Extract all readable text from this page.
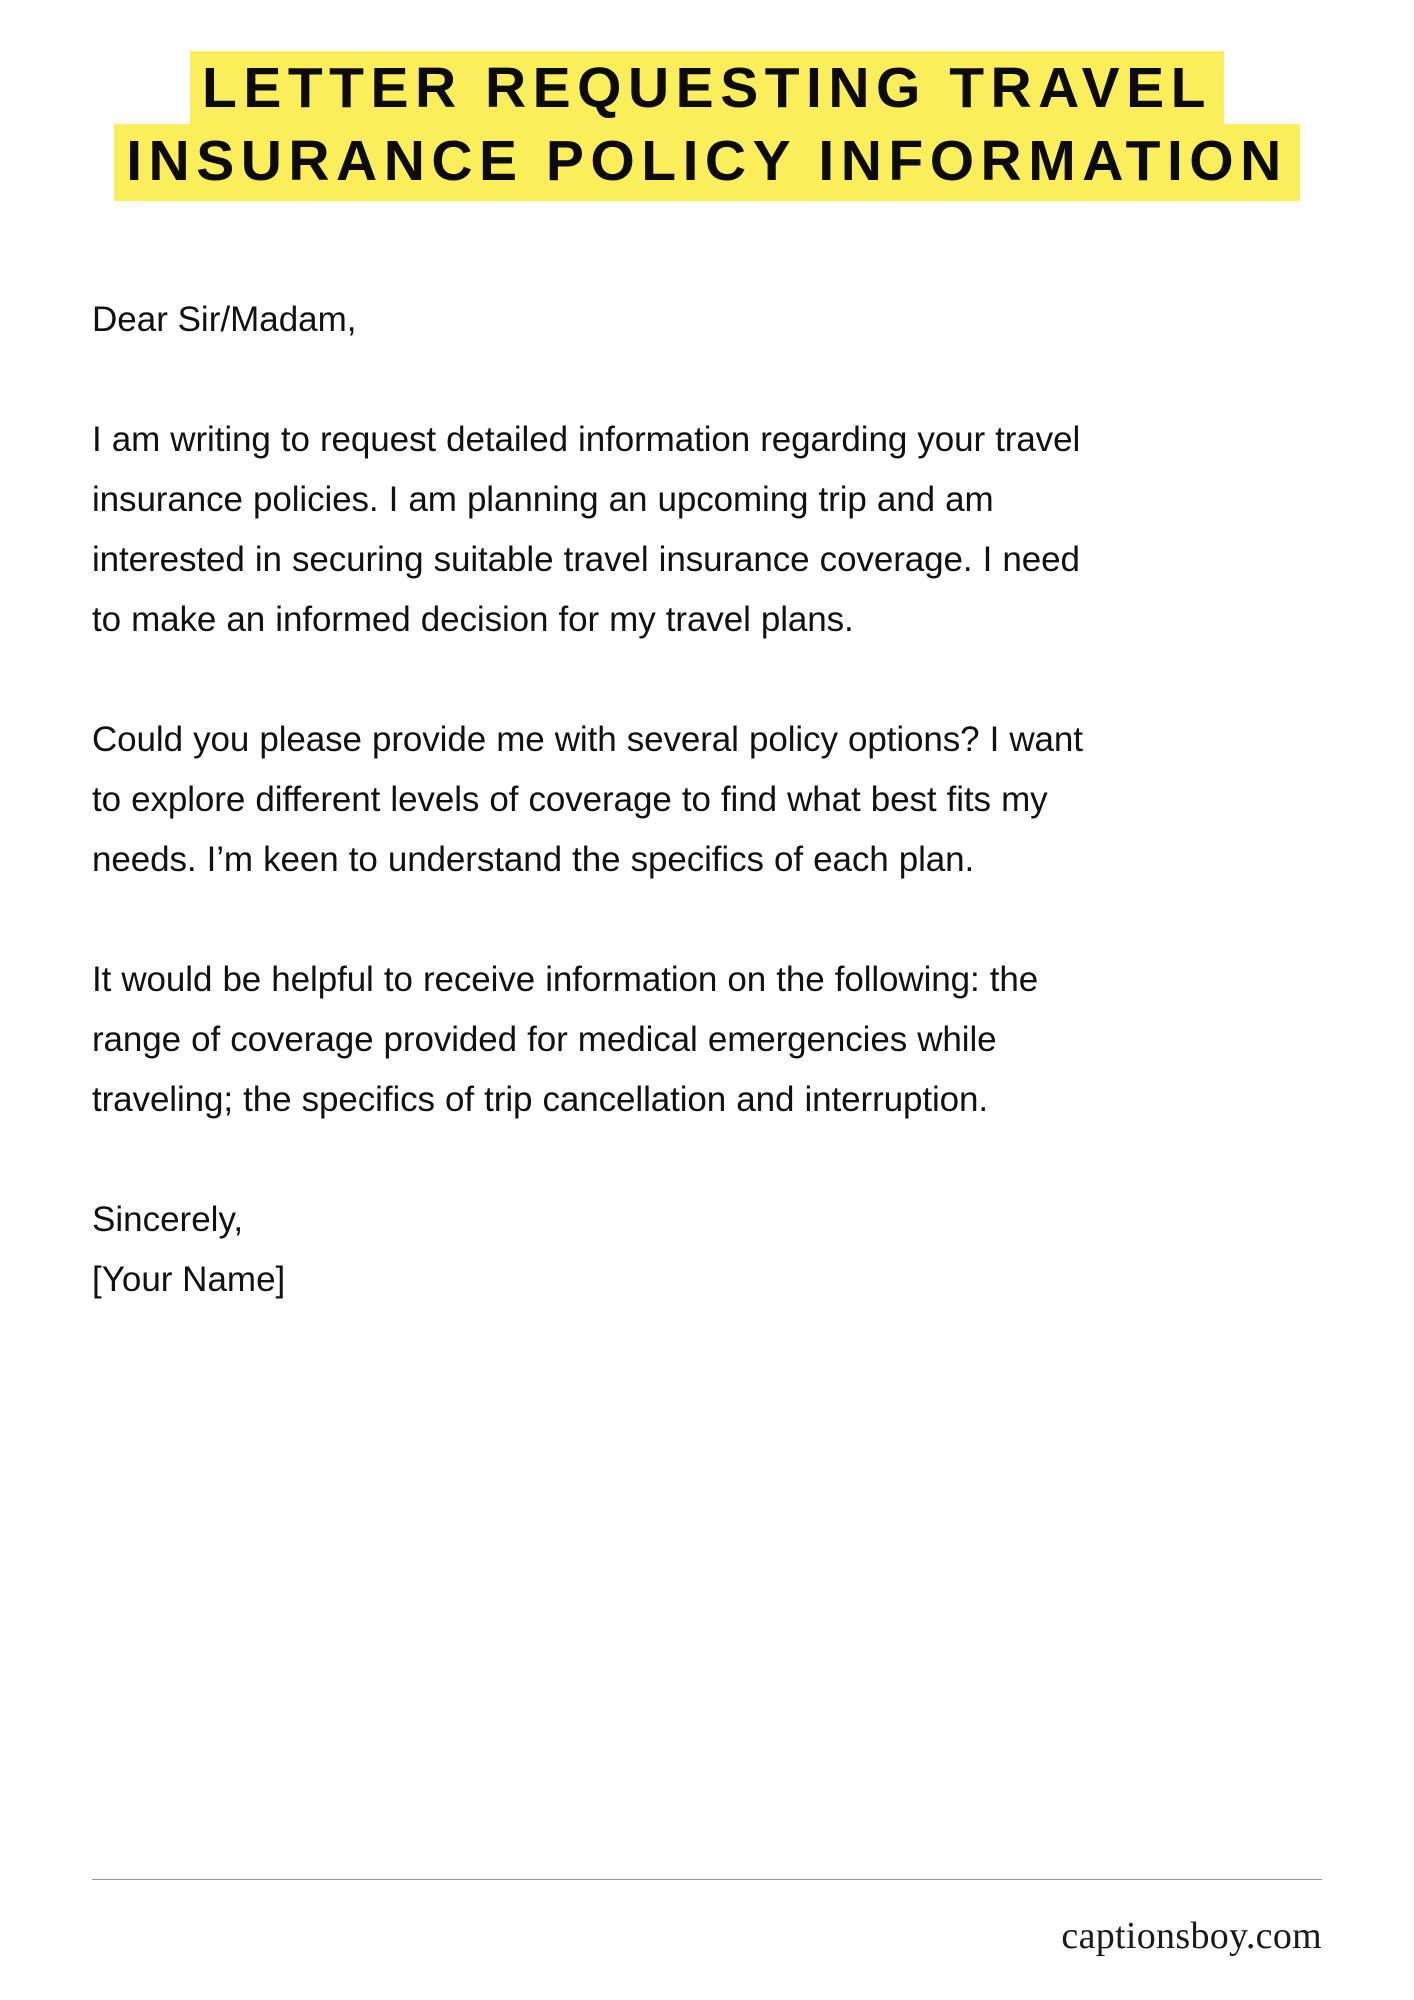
LETTER REQUESTING TRAVEL
INSURANCE POLICY INFORMATION

Dear Sir/Madam,

I am writing to request detailed information regarding your travel insurance policies. I am planning an upcoming trip and am interested in securing suitable travel insurance coverage. I need to make an informed decision for my travel plans.

Could you please provide me with several policy options? I want to explore different levels of coverage to find what best fits my needs. I’m keen to understand the specifics of each plan.

It would be helpful to receive information on the following: the range of coverage provided for medical emergencies while traveling; the specifics of trip cancellation and interruption.

Sincerely,
[Your Name]
captionsboy.com
